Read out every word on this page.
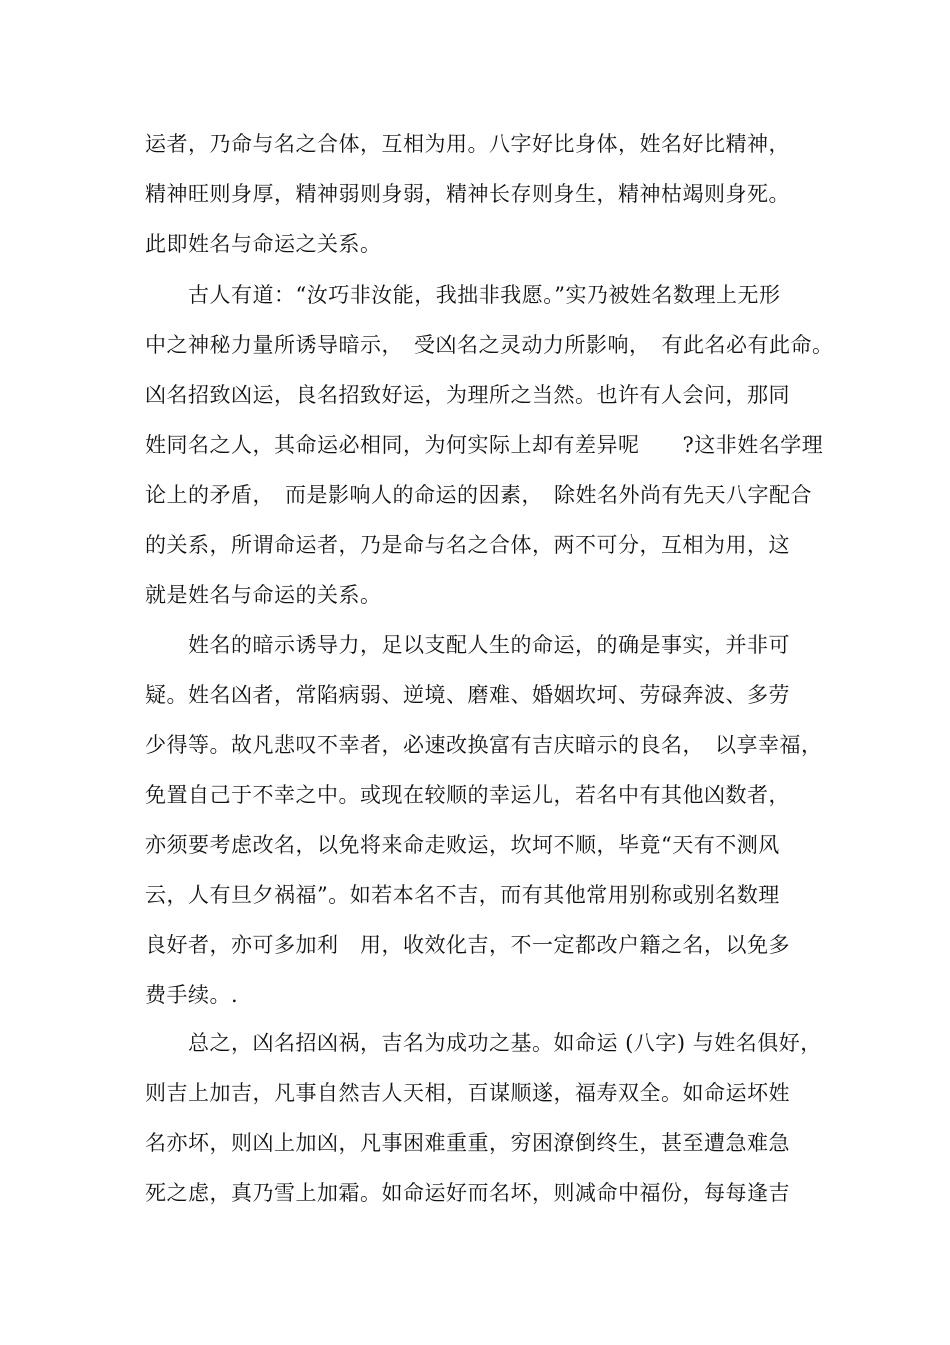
运者，乃命与名之合体，互相为用。八字好比身体，姓名好比精神，
精神旺则身厚，精神弱则身弱，精神长存则身生，精神枯竭则身死。
此即姓名与命运之关系。
　　古人有道：“汝巧非汝能，我拙非我愿。”实乃被姓名数理上无形
中之神秘力量所诱导暗示，　受凶名之灵动力所影响，　有此名必有此命。
凶名招致凶运，良名招致好运，为理所之当然。也许有人会问，那同
姓同名之人，其命运必相同，为何实际上却有差异呢　　?这非姓名学理
论上的矛盾，　而是影响人的命运的因素，　除姓名外尚有先天八字配合
的关系，所谓命运者，乃是命与名之合体，两不可分，互相为用，这
就是姓名与命运的关系。
　　姓名的暗示诱导力，足以支配人生的命运，的确是事实，并非可
疑。姓名凶者，常陷病弱、逆境、磨难、婚姻坎坷、劳碌奔波、多劳
少得等。故凡悲叹不幸者，必速改换富有吉庆暗示的良名，　以享幸福，
免置自己于不幸之中。或现在较顺的幸运儿，若名中有其他凶数者，
亦须要考虑改名，以免将来命走败运，坎坷不顺，毕竟“天有不测风
云，人有旦夕祸福”。如若本名不吉，而有其他常用别称或别名数理
良好者，亦可多加利　用，收效化吉，不一定都改户籍之名，以免多
费手续。.
　　总之，凶名招凶祸，吉名为成功之基。如命运 (八字) 与姓名俱好，
则吉上加吉，凡事自然吉人天相，百谋顺遂，福寿双全。如命运坏姓
名亦坏，则凶上加凶，凡事困难重重，穷困潦倒终生，甚至遭急难急
死之虑，真乃雪上加霜。如命运好而名坏，则减命中福份，每每逢吉
